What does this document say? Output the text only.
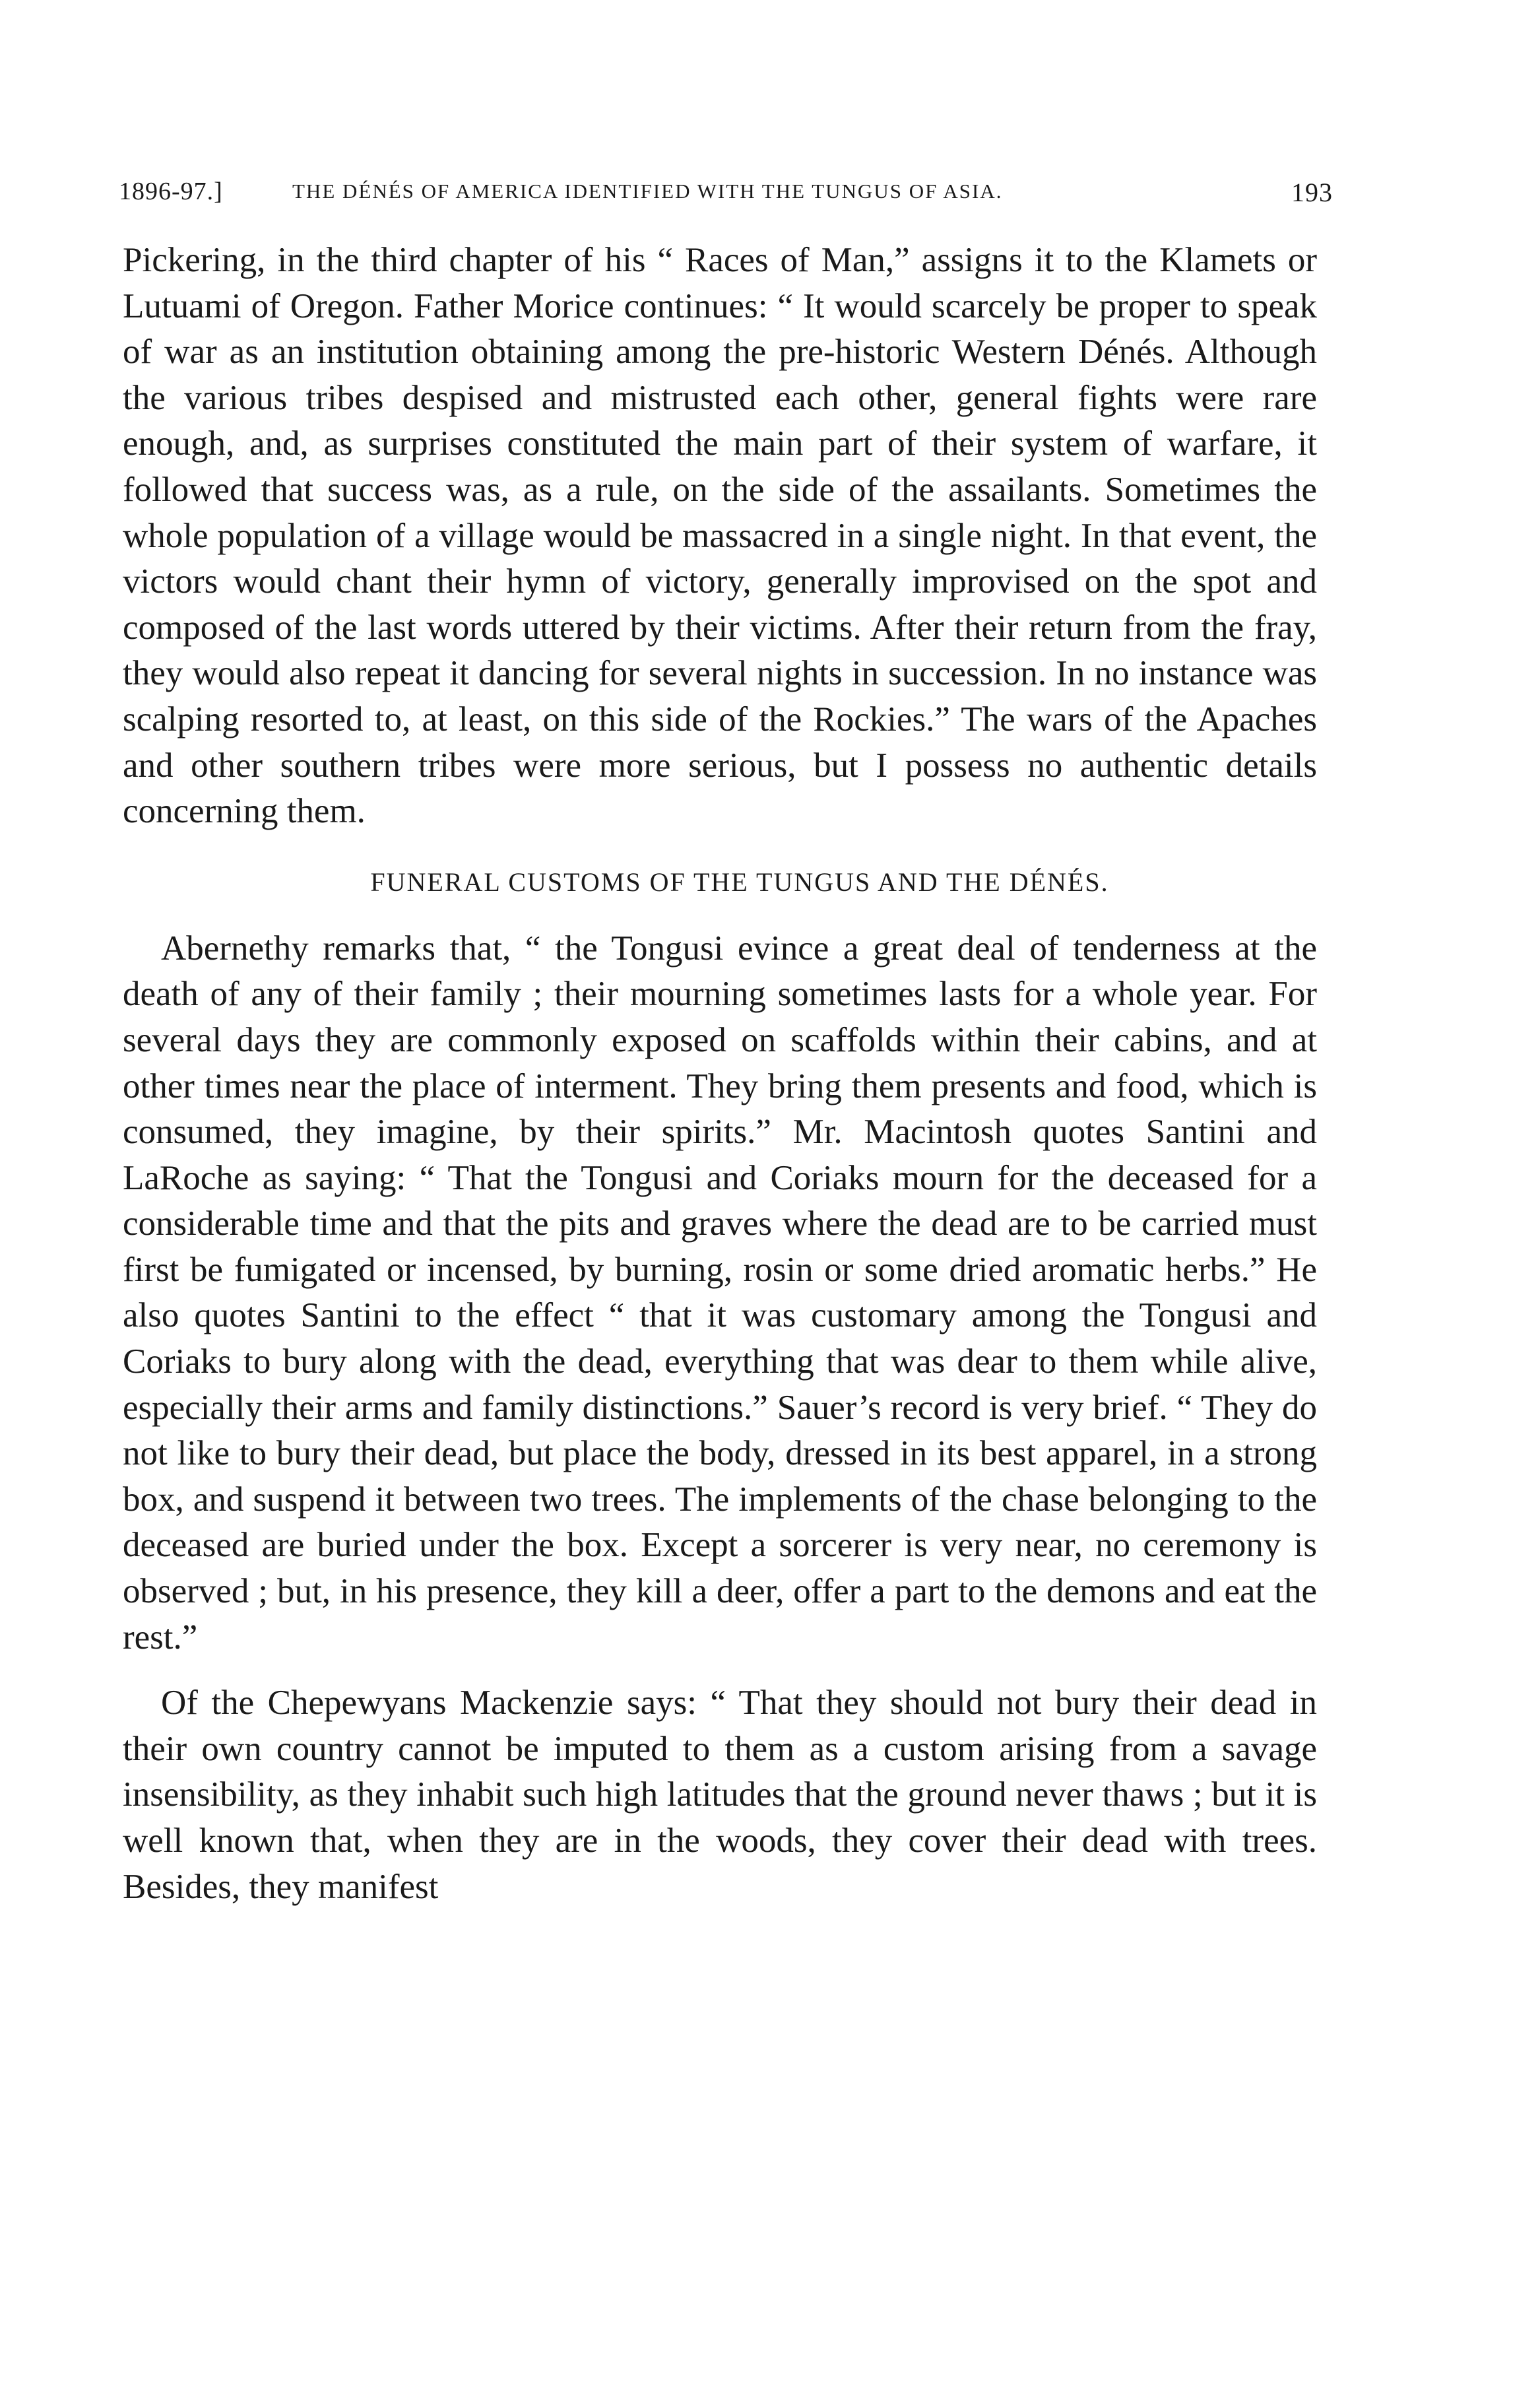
1896-97.]	THE DÉNÉS OF AMERICA IDENTIFIED WITH THE TUNGUS OF ASIA.	193

Pickering, in the third chapter of his “ Races of Man,” assigns it to the Klamets or Lutuami of Oregon. Father Morice continues: “ It would scarcely be proper to speak of war as an institution obtaining among the pre-historic Western Dénés. Although the various tribes despised and mistrusted each other, general fights were rare enough, and, as surprises constituted the main part of their system of warfare, it followed that success was, as a rule, on the side of the assailants. Sometimes the whole population of a village would be massacred in a single night. In that event, the victors would chant their hymn of victory, generally improvised on the spot and composed of the last words uttered by their victims. After their return from the fray, they would also repeat it dancing for several nights in succession. In no instance was scalping resorted to, at least, on this side of the Rockies.” The wars of the Apaches and other southern tribes were more serious, but I possess no authentic details concerning them.

FUNERAL CUSTOMS OF THE TUNGUS AND THE DÉNÉS.

Abernethy remarks that, “ the Tongusi evince a great deal of tenderness at the death of any of their family ; their mourning sometimes lasts for a whole year. For several days they are commonly exposed on scaffolds within their cabins, and at other times near the place of interment. They bring them presents and food, which is consumed, they imagine, by their spirits.” Mr. Macintosh quotes Santini and LaRoche as saying: “ That the Tongusi and Coriaks mourn for the deceased for a considerable time and that the pits and graves where the dead are to be carried must first be fumigated or incensed, by burning, rosin or some dried aromatic herbs.” He also quotes Santini to the effect “ that it was customary among the Tongusi and Coriaks to bury along with the dead, everything that was dear to them while alive, especially their arms and family distinctions.” Sauer’s record is very brief. “ They do not like to bury their dead, but place the body, dressed in its best apparel, in a strong box, and suspend it between two trees. The implements of the chase belonging to the deceased are buried under the box. Except a sorcerer is very near, no ceremony is observed ; but, in his presence, they kill a deer, offer a part to the demons and eat the rest.”

Of the Chepewyans Mackenzie says: “ That they should not bury their dead in their own country cannot be imputed to them as a custom arising from a savage insensibility, as they inhabit such high latitudes that the ground never thaws ; but it is well known that, when they are in the woods, they cover their dead with trees. Besides, they manifest
